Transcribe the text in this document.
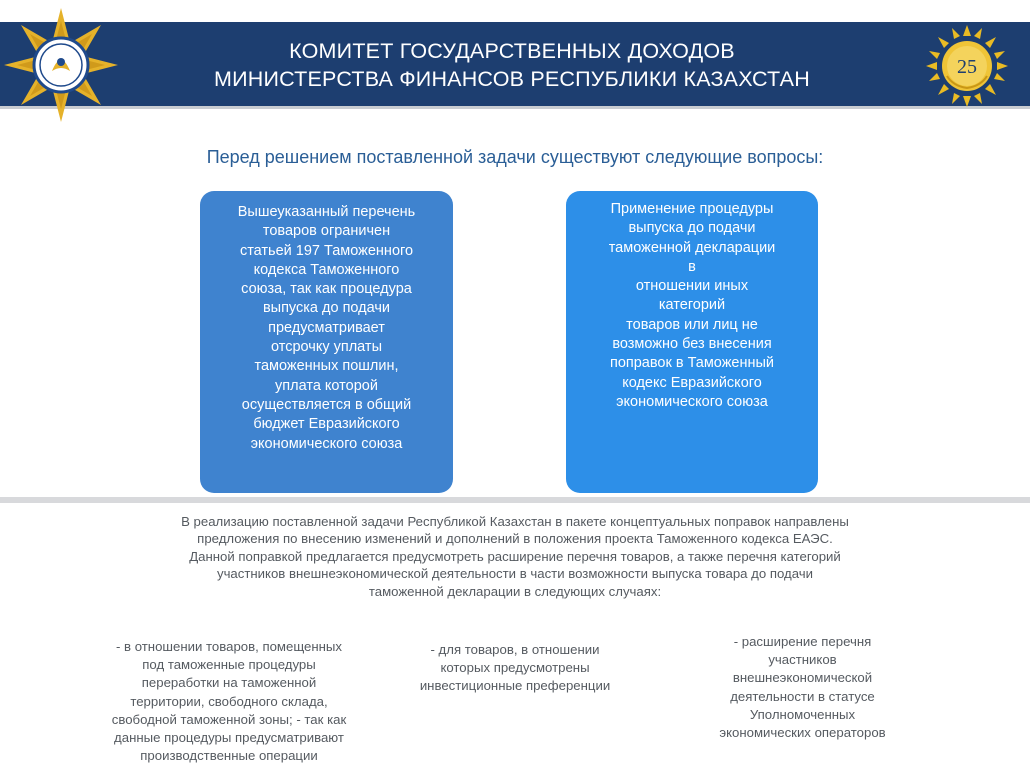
25
КОМИТЕТ ГОСУДАРСТВЕННЫХ ДОХОДОВ
МИНИСТЕРСТВА ФИНАНСОВ РЕСПУБЛИКИ КАЗАХСТАН
Перед решением поставленной задачи существуют следующие вопросы:
Вышеуказанный перечень
товаров ограничен
статьей 197 Таможенного
кодекса Таможенного
союза, так как процедура
выпуска до подачи
предусматривает
отсрочку уплаты
таможенных пошлин,
уплата которой
осуществляется в общий
бюджет Евразийского
экономического союза
Применение процедуры
выпуска до подачи
таможенной декларации
в
отношении иных
категорий
товаров или лиц не
возможно без внесения
поправок в Таможенный
кодекс Евразийского
экономического союза
В реализацию поставленной задачи Республикой Казахстан в пакете концептуальных поправок направлены
предложения по внесению изменений и дополнений в положения проекта Таможенного кодекса ЕАЭС.
Данной поправкой предлагается предусмотреть расширение перечня товаров, а также перечня категорий
участников внешнеэкономической деятельности в части возможности выпуска товара до подачи
таможенной декларации в следующих случаях:
- в отношении товаров, помещенных
под таможенные процедуры
переработки на таможенной
территории, свободного склада,
свободной таможенной зоны; - так как
данные процедуры предусматривают
производственные операции
- для товаров, в отношении
которых предусмотрены
инвестиционные преференции
- расширение перечня
участников
внешнеэкономической
деятельности в статусе
Уполномоченных
экономических операторов
